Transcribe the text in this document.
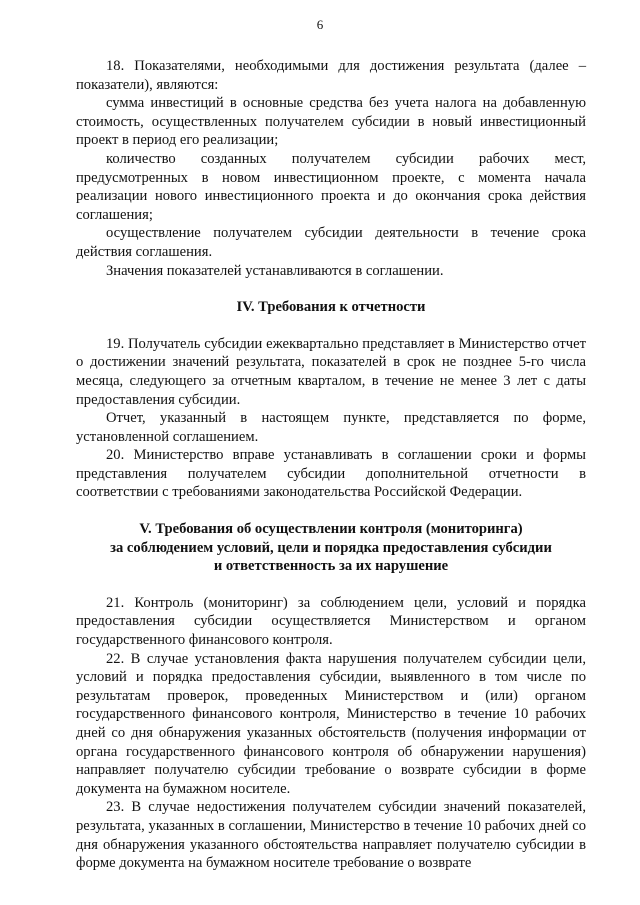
6

18. Показателями, необходимыми для достижения результата (далее – показатели), являются:

сумма инвестиций в основные средства без учета налога на добавленную стоимость, осуществленных получателем субсидии в новый инвестиционный проект в период его реализации;

количество созданных получателем субсидии рабочих мест, предусмотренных в новом инвестиционном проекте, с момента начала реализации нового инвестиционного проекта и до окончания срока действия соглашения;

осуществление получателем субсидии деятельности в течение срока действия соглашения.

Значения показателей устанавливаются в соглашении.

IV. Требования к отчетности

19. Получатель субсидии ежеквартально представляет в Министерство отчет о достижении значений результата, показателей в срок не позднее 5-го числа месяца, следующего за отчетным кварталом, в течение не менее 3 лет с даты предоставления субсидии.

Отчет, указанный в настоящем пункте, представляется по форме, установленной соглашением.

20. Министерство вправе устанавливать в соглашении сроки и формы представления получателем субсидии дополнительной отчетности в соответствии с требованиями законодательства Российской Федерации.

V. Требования об осуществлении контроля (мониторинга)

за соблюдением условий, цели и порядка предоставления субсидии

и ответственность за их нарушение

21. Контроль (мониторинг) за соблюдением цели, условий и порядка предоставления субсидии осуществляется Министерством и органом государственного финансового контроля.

22. В случае установления факта нарушения получателем субсидии цели, условий и порядка предоставления субсидии, выявленного в том числе по результатам проверок, проведенных Министерством и (или) органом государственного финансового контроля, Министерство в течение 10 рабочих дней со дня обнаружения указанных обстоятельств (получения информации от органа государственного финансового контроля об обнаружении нарушения) направляет получателю субсидии требование о возврате субсидии в форме документа на бумажном носителе.

23. В случае недостижения получателем субсидии значений показателей, результата, указанных в соглашении, Министерство в течение 10 рабочих дней со дня обнаружения указанного обстоятельства направляет получателю субсидии в форме документа на бумажном носителе требование о возврате
